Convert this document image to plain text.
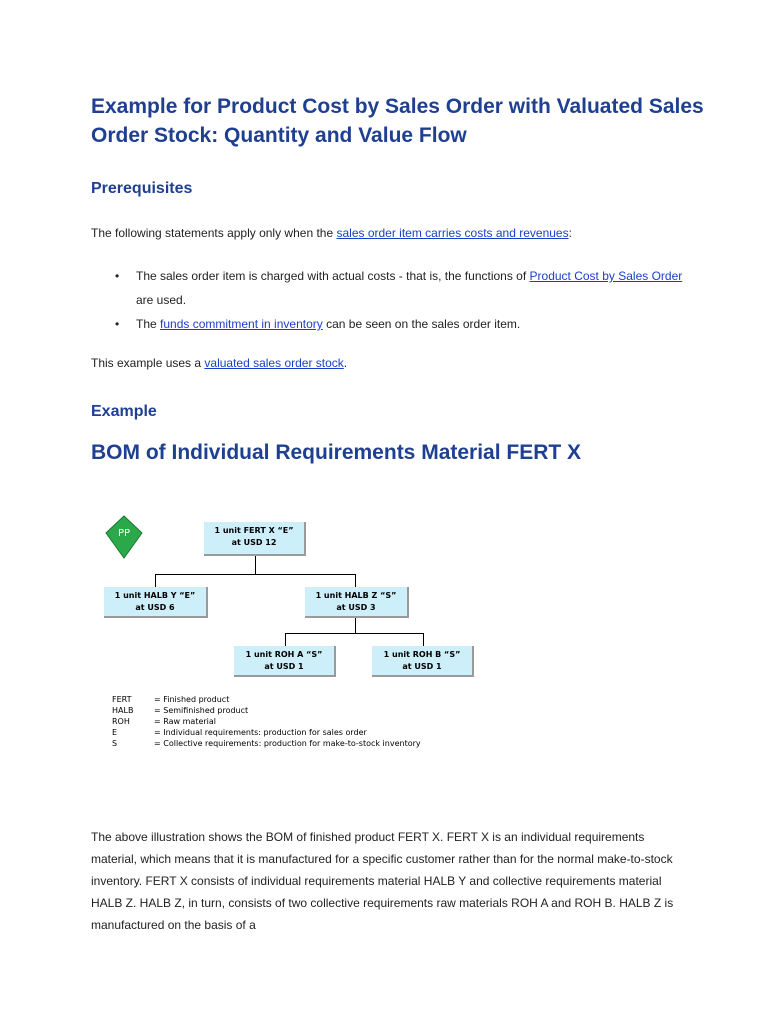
Example for Product Cost by Sales Order with Valuated Sales Order Stock: Quantity and Value Flow
Prerequisites

The following statements apply only when the sales order item carries costs and revenues:

• The sales order item is charged with actual costs - that is, the functions of Product Cost by Sales Order are used.
• The funds commitment in inventory can be seen on the sales order item.

This example uses a valuated sales order stock.

Example
BOM of Individual Requirements Material FERT X
PP	1 unit FERT X “E”
at USD 12
1 unit HALB Y “E”
at USD 6
1 unit HALB Z “S”
at USD 3
1 unit ROH A “S”
at USD 1
1 unit ROH B “S”
at USD 1
FERT	= Finished product
HALB	= Semifinished product
ROH	= Raw material
E	= Individual requirements: production for sales order
S	= Collective requirements: production for make-to-stock inventory

The above illustration shows the BOM of finished product FERT X. FERT X is an individual requirements material, which means that it is manufactured for a specific customer rather than for the normal make-to-stock inventory. FERT X consists of individual requirements material HALB Y and collective requirements material HALB Z. HALB Z, in turn, consists of two collective requirements raw materials ROH A and ROH B. HALB Z is manufactured on the basis of a
